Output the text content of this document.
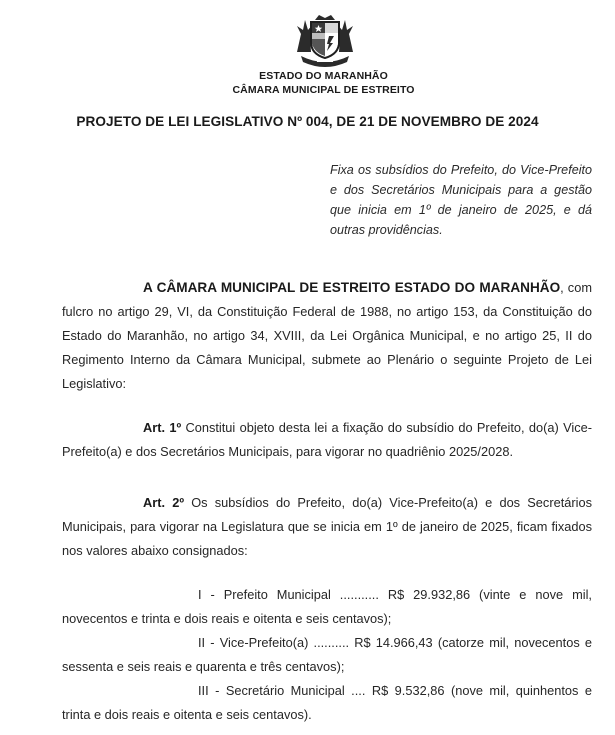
ESTADO DO MARANHÃO
CÂMARA MUNICIPAL DE ESTREITO
PROJETO DE LEI LEGISLATIVO Nº 004, DE 21 DE NOVEMBRO DE 2024
Fixa os subsídios do Prefeito, do Vice-Prefeito e dos Secretários Municipais para a gestão que inicia em 1º de janeiro de 2025, e dá outras providências.
A CÂMARA MUNICIPAL DE ESTREITO ESTADO DO MARANHÃO, com fulcro no artigo 29, VI, da Constituição Federal de 1988, no artigo 153, da Constituição do Estado do Maranhão, no artigo 34, XVIII, da Lei Orgânica Municipal, e no artigo 25, II do Regimento Interno da Câmara Municipal, submete ao Plenário o seguinte Projeto de Lei Legislativo:
Art. 1º Constitui objeto desta lei a fixação do subsídio do Prefeito, do(a) Vice-Prefeito(a) e dos Secretários Municipais, para vigorar no quadriênio 2025/2028.
Art. 2º Os subsídios do Prefeito, do(a) Vice-Prefeito(a) e dos Secretários Municipais, para vigorar na Legislatura que se inicia em 1º de janeiro de 2025, ficam fixados nos valores abaixo consignados:
I - Prefeito Municipal ........... R$ 29.932,86 (vinte e nove mil, novecentos e trinta e dois reais e oitenta e seis centavos);
II - Vice-Prefeito(a) .......... R$ 14.966,43 (catorze mil, novecentos e sessenta e seis reais e quarenta e três centavos);
III - Secretário Municipal .... R$ 9.532,86 (nove mil, quinhentos e trinta e dois reais e oitenta e seis centavos).
